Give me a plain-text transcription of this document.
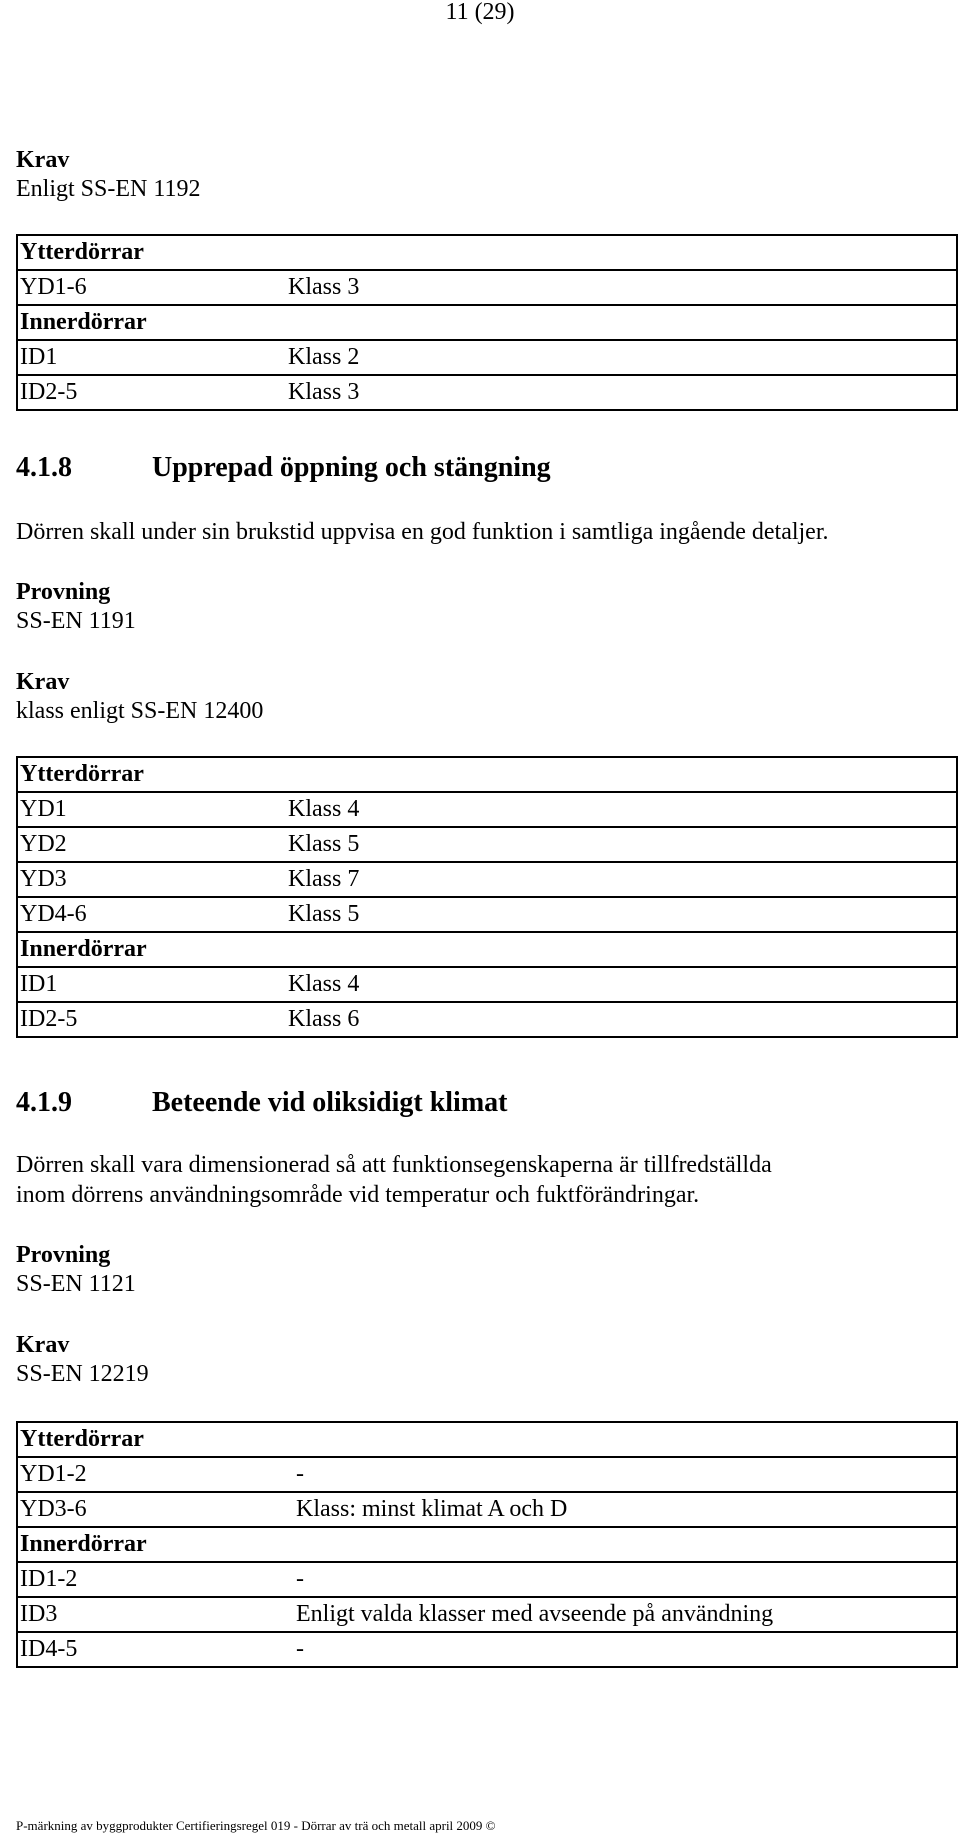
11 (29)

Krav

Enligt SS-EN 1192

Ytterdörrar	
YD1-6	Klass 3
Innerdörrar	
ID1	Klass 2
ID2-5	Klass 3
4.1.8	Upprepad öppning och stängning

Dörren skall under sin brukstid uppvisa en god funktion i samtliga ingående detaljer.

Provning

SS-EN 1191

Krav

klass enligt SS-EN 12400

Ytterdörrar	
YD1	Klass 4
YD2	Klass 5
YD3	Klass 7
YD4-6	Klass 5
Innerdörrar	
ID1	Klass 4
ID2-5	Klass 6
4.1.9	Beteende vid oliksidigt klimat

Dörren skall vara dimensionerad så att funktionsegenskaperna är tillfredställda

inom dörrens användningsområde vid temperatur och fuktförändringar.

Provning

SS-EN 1121

Krav

SS-EN 12219

Ytterdörrar	
YD1-2	-
YD3-6	Klass: minst klimat A och D
Innerdörrar	
ID1-2	-
ID3	Enligt valda klasser med avseende på användning
ID4-5	-
P-märkning av byggprodukter Certifieringsregel 019 - Dörrar av trä och metall april 2009 ©
